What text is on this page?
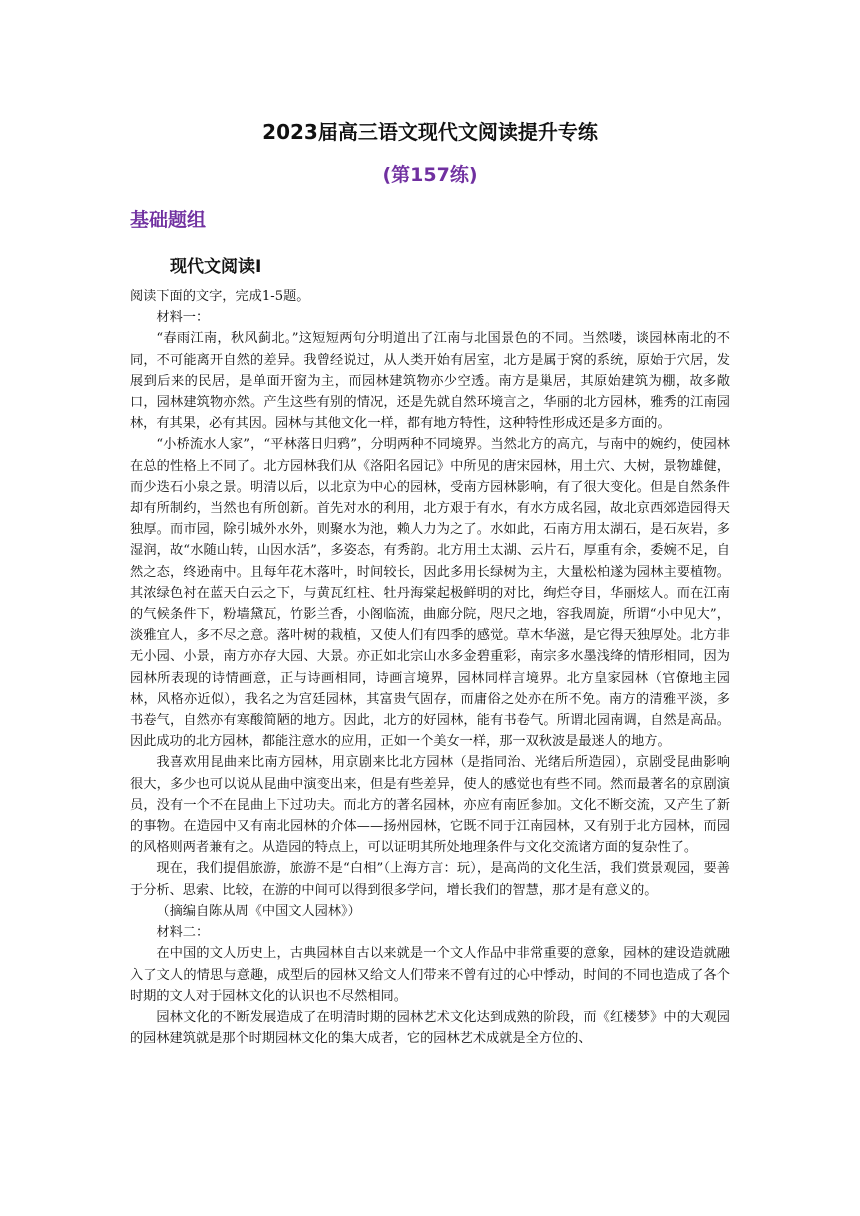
2023届高三语文现代文阅读提升专练
(第157练)
基础题组
现代文阅读Ⅰ

阅读下面的文字，完成1-5题。

材料一：

“春雨江南，秋风蓟北。”这短短两句分明道出了江南与北国景色的不同。当然喽，谈园林南北的不同，不可能离开自然的差异。我曾经说过，从人类开始有居室，北方是属于窝的系统，原始于穴居，发展到后来的民居，是单面开窗为主，而园林建筑物亦少空透。南方是巢居，其原始建筑为棚，故多敞口，园林建筑物亦然。产生这些有别的情况，还是先就自然环境言之，华丽的北方园林，雅秀的江南园林，有其果，必有其因。园林与其他文化一样，都有地方特性，这种特性形成还是多方面的。

“小桥流水人家”，“平林落日归鸦”，分明两种不同境界。当然北方的高亢，与南中的婉约，使园林在总的性格上不同了。北方园林我们从《洛阳名园记》中所见的唐宋园林，用土穴、大树，景物雄健，而少迭石小泉之景。明清以后，以北京为中心的园林，受南方园林影响，有了很大变化。但是自然条件却有所制约，当然也有所创新。首先对水的利用，北方艰于有水，有水方成名园，故北京西郊造园得天独厚。而市园，除引城外水外，则聚水为池，赖人力为之了。水如此，石南方用太湖石，是石灰岩，多湿润，故“水随山转，山因水活”，多姿态，有秀韵。北方用土太湖、云片石，厚重有余，委婉不足，自然之态，终逊南中。且每年花木落叶，时间较长，因此多用长绿树为主，大量松柏遂为园林主要植物。其浓绿色衬在蓝天白云之下，与黄瓦红柱、牡丹海棠起极鲜明的对比，绚烂夺目，华丽炫人。而在江南的气候条件下，粉墙黛瓦，竹影兰香，小阁临流，曲廊分院，咫尺之地，容我周旋，所谓“小中见大”，淡雅宜人，多不尽之意。落叶树的栽植，又使人们有四季的感觉。草木华滋，是它得天独厚处。北方非无小园、小景，南方亦存大园、大景。亦正如北宗山水多金碧重彩，南宗多水墨浅绛的情形相同，因为园林所表现的诗情画意，正与诗画相同，诗画言境界，园林同样言境界。北方皇家园林（官僚地主园林，风格亦近似），我名之为宫廷园林，其富贵气固存，而庸俗之处亦在所不免。南方的清雅平淡，多书卷气，自然亦有寒酸简陋的地方。因此，北方的好园林，能有书卷气。所谓北园南调，自然是高品。因此成功的北方园林，都能注意水的应用，正如一个美女一样，那一双秋波是最迷人的地方。

我喜欢用昆曲来比南方园林，用京剧来比北方园林（是指同治、光绪后所造园），京剧受昆曲影响很大，多少也可以说从昆曲中演变出来，但是有些差异，使人的感觉也有些不同。然而最著名的京剧演员，没有一个不在昆曲上下过功夫。而北方的著名园林，亦应有南匠参加。文化不断交流，又产生了新的事物。在造园中又有南北园林的介体——扬州园林，它既不同于江南园林，又有别于北方园林，而园的风格则两者兼有之。从造园的特点上，可以证明其所处地理条件与文化交流诸方面的复杂性了。

现在，我们提倡旅游，旅游不是“白相”（上海方言：玩），是高尚的文化生活，我们赏景观园，要善于分析、思索、比较，在游的中间可以得到很多学问，增长我们的智慧，那才是有意义的。

（摘编自陈从周《中国文人园林》）

材料二：

在中国的文人历史上，古典园林自古以来就是一个文人作品中非常重要的意象，园林的建设造就融入了文人的情思与意趣，成型后的园林又给文人们带来不曾有过的心中悸动，时间的不同也造成了各个时期的文人对于园林文化的认识也不尽然相同。

园林文化的不断发展造成了在明清时期的园林艺术文化达到成熟的阶段，而《红楼梦》中的大观园的园林建筑就是那个时期园林文化的集大成者，它的园林艺术成就是全方位的、
